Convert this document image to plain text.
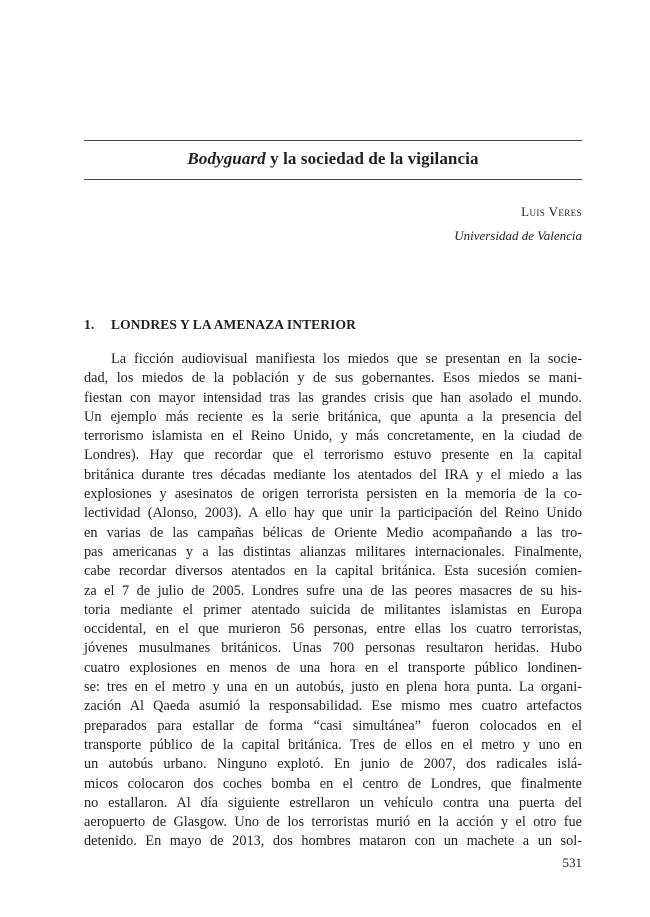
Bodyguard y la sociedad de la vigilancia
Luis Veres
Universidad de Valencia
1. LONDRES Y LA AMENAZA INTERIOR
La ficción audiovisual manifiesta los miedos que se presentan en la socie-
dad, los miedos de la población y de sus gobernantes. Esos miedos se mani-
fiestan con mayor intensidad tras las grandes crisis que han asolado el mundo.
Un ejemplo más reciente es la serie británica, que apunta a la presencia del
terrorismo islamista en el Reino Unido, y más concretamente, en la ciudad de
Londres). Hay que recordar que el terrorismo estuvo presente en la capital
británica durante tres décadas mediante los atentados del IRA y el miedo a las
explosiones y asesinatos de origen terrorista persisten en la memoria de la co-
lectividad (Alonso, 2003). A ello hay que unir la participación del Reino Unido
en varias de las campañas bélicas de Oriente Medio acompañando a las tro-
pas americanas y a las distintas alianzas militares internacionales. Finalmente,
cabe recordar diversos atentados en la capital británica. Esta sucesión comien-
za el 7 de julio de 2005. Londres sufre una de las peores masacres de su his-
toria mediante el primer atentado suicida de militantes islamistas en Europa
occidental, en el que murieron 56 personas, entre ellas los cuatro terroristas,
jóvenes musulmanes británicos. Unas 700 personas resultaron heridas. Hubo
cuatro explosiones en menos de una hora en el transporte público londinen-
se: tres en el metro y una en un autobús, justo en plena hora punta. La organi-
zación Al Qaeda asumió la responsabilidad. Ese mismo mes cuatro artefactos
preparados para estallar de forma “casi simultánea” fueron colocados en el
transporte público de la capital británica. Tres de ellos en el metro y uno en
un autobús urbano. Ninguno explotó. En junio de 2007, dos radicales islá-
micos colocaron dos coches bomba en el centro de Londres, que finalmente
no estallaron. Al día siguiente estrellaron un vehículo contra una puerta del
aeropuerto de Glasgow. Uno de los terroristas murió en la acción y el otro fue
detenido. En mayo de 2013, dos hombres mataron con un machete a un sol-
531
